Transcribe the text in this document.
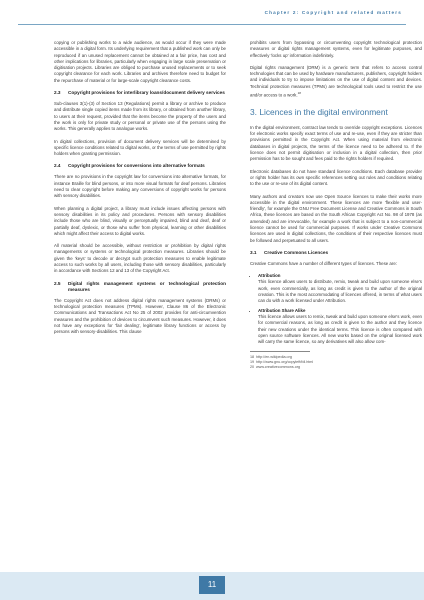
Chapter 2: Copyright and related matters

copying or publishing works to a wide audience, as would occur if they were made accessible in a digital form. Its underlying requirement that a published work can only be reproduced if an unused replacement cannot be obtained at a fair price, has cost and other implications for libraries, particularly when engaging in large scale preservation or digitisation projects. Libraries are obliged to purchase unused replacements or to seek copyright clearance for each work. Libraries and archives therefore need to budget for the repurchase of material or for large-scale copyright clearance costs.

2.3	Copyright provisions for interlibrary loans/document delivery services

Sub-clauses 3(1)-(3) of Section 13 (Regulations) permit a library or archive to produce and distribute single copied items made from its library, or obtained from another library, to users at their request, provided that the items become the property of the users and the work is only for private study or personal or private use of the persons using the works. This generally applies to analogue works.

In digital collections, provision of document delivery services will be determined by specific licence conditions related to digital works, or the terms of use permitted by rights holders when granting permission.

2.4	Copyright provisions for conversions into alternative formats

There are no provisions in the copyright law for conversions into alternative formats, for instance Braille for blind persons, or into more visual formats for deaf persons. Libraries need to clear copyright before making any conversions of copyright works for persons with sensory disabilities.

When planning a digital project, a library must include issues affecting persons with sensory disabilities in its policy and procedures. Persons with sensory disabilities include those who are blind, visually or perceptually impaired, blind and deaf, deaf or partially deaf, dyslexic, or those who suffer from physical, learning or other disabilities which might affect their access to digital works.

All material should be accessible, without restriction or prohibition by digital rights managements or systems or technological protection measures. Libraries should be given the 'keys' to decode or decrypt such protection measures to enable legitimate access to such works by all users, including those with sensory disabilities, particularly in accordance with Sections 12 and 13 of the Copyright Act.

2.5	Digital rights management systems or technological protection measures

The Copyright Act does not address digital rights management systems (DRMs) or technological protection measures (TPMs). However, Clause 86 of the Electronic Communications and Transactions Act No 25 of 2002 provides for anti-circumvention measures and the prohibition of devices to circumvent such measures. However, it does not have any exceptions for 'fair dealing', legitimate library functions or access by persons with sensory-disabilities. This clause

prohibits users from bypassing or circumventing copyright technological protection measures or digital rights management systems, even for legitimate purposes, and effectively 'locks up' information indefinitely.

Digital rights management (DRM) is a generic term that refers to access control technologies that can be used by hardware manufacturers, publishers, copyright holders and individuals to try to impose limitations on the use of digital content and devices. Technical protection measures (TPMs) are technological tools used to restrict the use and/or access to a work.$^{18}$

3. Licences in the digital environment

In the digital environment, contract law tends to override copyright exceptions. Licences for electronic works specify exact terms of use and re-use, even if they are stricter than provisions permitted in the Copyright Act. When using material from electronic databases in digital projects, the terms of the licence need to be adhered to. If the licence does not permit digitisation or inclusion in a digital collection, then prior permission has to be sought and fees paid to the rights holders if required.

Electronic databases do not have standard licence conditions. Each database provider or rights holder has its own specific references setting out rules and conditions relating to the use or re-use of its digital content.

Many authors and creators now use Open Source licences to make their works more accessible in the digital environment. These licences are more 'flexible and user-friendly', for example the GNU Free Document License and Creative Commons in South Africa, these licences are based on the South African Copyright Act No. 98 of 1978 (as amended) and are irrevocable, for example a work that is subject to a non-commercial licence cannot be used for commercial purposes. If works under Creative Commons licences are used in digital collections, the conditions of their respective licences must be followed and perpetuated to all users.

3.1	Creative Commons Licences

Creative Commons have a number of different types of licences. These are:

• Attribution
This licence allows users to distribute, remix, tweak and build upon someone else's work, even commercially, as long as credit is given to the author of the original creation. This is the most accommodating of licences offered, in terms of what users can do with a work licensed under Attribution.
• Attribution Share Alike
This licence allows users to remix, tweak and build upon someone else's work, even for commercial reasons, as long as credit is given to the author and they licence their new creations under the identical terms. This licence is often compared with open source software licences. All new works based on the original licensed work will carry the same licence, so any derivatives will also allow com-
18 http://en.wikipedia.org
19 http://www.gnu.org/copyleft/fdl.html
20 www.creativecommons.org
11
